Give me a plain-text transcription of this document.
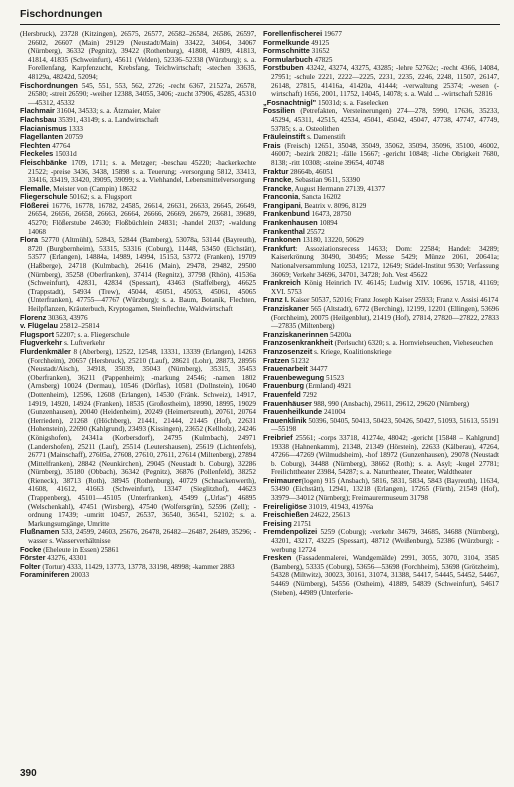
Fischordnungen

(Hersbruck), 23728 (Kitzingen), 26575, 26577, 26582–26584, 26586, 26597, 26602, 26607 (Main) 29129 (Neustadt/Main) 33422, 34064, 34067 (Nürnberg), 36332 (Pegnitz), 39422 (Rothenburg), 41808, 41809, 41813, 41814, 41835 (Schweinfurt), 45611 (Velden), 52336–52338 (Würzburg); s. a. Forellenfang, Karpfenzucht, Krebsfang, Teichwirtschaft; -stechen 33635, 48129a, 48242d, 52094;

Fischordnungen 545, 551, 553, 562, 2726; -recht 6367, 21527a, 26578, 26580; -streit 26590; -weiher 12388, 34055, 3406; -zucht 37906, 45285, 45310—45312, 45332

Flachmair 31604, 34533; s. a. Ätzmaier, Maier

Flachsbau 35391, 43149; s. a. Landwirtschaft

Flacianismus 1333

Flagellanten 20759

Flechten 47764

Fleckeles 15031d

Fleischbänke 1709, 1711; s. a. Metzger; -beschau 45220; -hackerkechte 21522; -preise 3436, 3438, 15898 s. a. Teuerung; -versorgung 5812, 33413, 33416, 33419, 33420, 39095, 39099; s. a. Viehhandel, Lebensmittelversorgung

Flemalle, Meister von (Campin) 18632

Fliegerschule 50162; s. a. Flugsport

Flößerei 16776, 16778, 16782, 24585, 26614, 26631, 26633, 26645, 26649, 26654, 26656, 26658, 26663, 26664, 26666, 26669, 26679, 26681, 39689, 45270; Flößerstube 24630; Floßbüchlein 24831; -handel 2037; -waldung 14068

Flora 52770 (Altmühl), 52843, 52844 (Bamberg), 53078a, 53144 (Bayreuth), 8720 (Burgbernheim), 53315, 53316 (Coburg), 11448, 53450 (Eichstätt), 53577 (Erlangen), 14884a, 14989, 14994, 15153, 53772 (Franken), 19709 (Haßberge), 24718 (Kulmbach), 26416 (Main), 29478, 29482, 29500 (Nürnberg), 35258 (Oberfranken), 37414 (Regnitz), 37798 (Rhön), 41536a (Schweinfurt), 42831, 42834 (Spessart), 43463 (Staffelberg), 46625 (Trappstadt), 54934 (Trew), 45044, 45051, 45053, 45061, 45065 (Unterfranken), 47755—47767 (Würzburg); s. a. Baum, Botanik, Flechten, Heilpflanzen, Kräuterbuch, Kryptogamen, Steinflechte, Waldwirtschaft

Florenz 30363, 43976

v. Flügelau 25812–25814

Flugsport 52207; s. a. Fliegerschule

Flugverkehr s. Luftverkehr

Flurdenkmäler 8 (Aberberg), 12522, 12548, 13331, 13339 (Erlangen), 14263 (Forchheim), 20657 (Hersbruck), 25210 (Lauf), 28621 (Lohr), 28873, 28956 (Neustadt/Aisch), 34918, 35039, 35043 (Nürnberg), 35315, 35453 (Oberfranken), 36211 (Pappenheim); -markung 24546; -namen 1802 (Arnsberg) 10024 (Dermau), 10546 (Dörflas), 10581 (Dollnstein), 10640 (Dottenheim), 12596, 12608 (Erlangen), 14530 (Fränk. Schweiz), 14917, 14919, 14920, 14924 (Franken), 18535 (Großostheim), 18990, 18995, 19029 (Gunzenhausen), 20040 (Heidenheim), 20249 (Heimertsreuth), 20761, 20764 (Herrieden), 21268 ((Höchberg), 21441, 21444, 21445 (Hof), 22631 (Hohenstein), 22690 (Kahlgrund), 23493 (Kissingen), 23652 (Kellholz), 24246 (Königshofen), 24341a (Korbersdorf), 24795 (Kulmbach), 24971 (Landershofen), 25211 (Lauf), 25514 (Leutershausen), 25619 (Lichtenfels), 26771 (Mainschaff), 27605a, 27608, 27610, 27611, 27614 (Miltenberg), 27894 (Mittelfranken), 28842 (Neunkirchen), 29045 (Neustadt b. Coburg), 32286 (Nürnberg), 35180 (Obbach), 36342 (Pegnitz), 36876 (Pollenfeld), 38252 (Rieneck), 38713 (Roth), 38945 (Rothenburg), 40729 (Schnackenwerth), 41608, 41612, 41663 (Schweinfurt), 13347 (Sieglitzhof), 44623 (Trappenberg), 45101—45105 (Unterfranken), 45499 („Urlas") 46895 (Welschenkahl), 47451 (Wirsberg), 47540 (Wolfersgrün), 52596 (Zell); -ordnung 17439; -umritt 10457, 26537, 36540, 36541, 52102; s. a. Markungsumgänge, Umritte

Flußnamen 533, 24599, 24603, 25676, 26478, 26482—26487, 26489, 35296; -wasser s. Wasserverhältnisse

Focke (Eheleute in Essen) 25861

Förster 43276, 43301

Folter (Tortur) 4333, 11429, 13773, 13778, 33198, 48998; -kammer 2883

Foraminiferen 20033

Forellenfischerei 19677

Formelkunde 49125

Formschnitte 31652

Formularbuch 47825

Forstbuben 43242, 43274, 43275, 43285; -lehre 52762c; -recht 4366, 14084, 27951; -schule 2221, 2222—2225, 2231, 2235, 2246, 2248, 11507, 26147, 26148, 27815, 41416a, 41420a, 41444; -verwaltung 25374; -wesen (-wirtschaft) 1656, 2001, 11752, 14045, 14078; s. a. Wald ... -wirtschaft 52816

„Fosnachtnigl" 15031d; s. a. Faselecken

Fossilien (Petrefakten, Versteinerungen) 274—278, 5990, 17636, 35233, 45294, 45311, 42515, 42534, 45041, 45042, 45047, 47738, 47747, 47749, 53785; s. a. Osteolithen

Fräuleinstift s. Damenstift

Frais (Freisch) 12651, 35048, 35049, 35062, 35094, 35096, 35100, 46002, 46007; -bezirk 20821; -fälle 15667; -gericht 10848; -liche Obrigkeit 7680, 8138; -ritt 10308; -steine 39654, 40748

Fraktur 28664b, 46051

Francke, Sebastian 9611, 53390

Francke, August Hermann 27139, 41377

Franconia, Sancta 16202

Frangipani, Beatrix v. 8096, 8129

Frankenbund 16473, 28750

Frankenhausen 10894

Frankenthal 25572

Frankonen 13180, 13220, 50629

Frankfurt: Assoziationsrecess 14633; Dom: 22584; Handel: 34289; Kaiserkrönung 30490, 30495; Messe 5429; Münze 2061, 20641a; Nationalversammlung 10253, 12172, 12649; Städel-Institut 9530; Verfassung 36069; Verkehr 34696, 34701, 34728; Joh. Vest 45622

Frankreich König Heinrich IV. 46145; Ludwig XIV. 10696, 15718, 41169; XVI. 5753

Franz I. Kaiser 50537, 52016; Franz Joseph Kaiser 25933; Franz v. Assisi 46174

Franziskaner 565 (Altstadt), 6772 (Berching), 12199, 12201 (Ellingen), 53696 (Forchheim), 20075 (Heilgenblut), 21419 (Hof), 27814, 27820—27822, 27833—27835 (Miltenberg)

Franziskanerinnen 54200a

Franzosenkrankheit (Perlsucht) 6320; s. a. Hornviehseuchen, Vieheseuchen

Franzosenzeit s. Kriege, Koalitionskriege

Fratzen 51232

Frauenarbeit 34477

Frauenbewegung 51523

Frauenburg (Ermland) 4921

Frauenfeld 7292

Frauenhäuser 988, 990 (Ansbach), 29611, 29612, 29620 (Nürnberg)

Frauenheilkunde 241004

Frauenklinik 50396, 50405, 50413, 50423, 50426, 50427, 51093, 51613, 55191—55198

Freibrief 25561; -corps 33718, 41274e, 48042; -gericht [15848 – Kahlgrund] 19338 (Hahnenkamm), 21348, 21349 (Hörstein), 22633 (Kälberau), 47264, 47266—47269 (Wilmudsheim), -hof 18972 (Gunzenhausen), 29078 (Neustadt b. Coburg), 34488 (Nürnberg), 38662 (Roth); s. a. Asyl; -kugel 27781; Freilichttheater 23984, 54287; s. a. Naturtheater, Theater, Waldtheater

Freimaurer(logen) 915 (Ansbach), 5816, 5831, 5834, 5843 (Bayreuth), 11634, 53490 (Eichstätt), 12941, 13218 (Erlangen), 17265 (Fürth), 21549 (Hof), 33979—34012 (Nürnberg); Freimaurermuseum 31798

Freireligiöse 31019, 41943, 41976a

Freischießen 24622, 25613

Freising 21751

Fremdenpolizei 5259 (Coburg); -verkehr 34679, 34685, 34688 (Nürnberg), 43201, 43217, 43225 (Spessart), 48712 (Weißenburg), 52386 (Würzburg); -werbung 12724

Fresken (Fassadenmalerei, Wandgemälde) 2991, 3055, 3070, 3104, 3585 (Bamberg), 53335 (Coburg), 53656—53698 (Forchheim), 53698 (Grötzheim), 54328 (Miltwitz), 30023, 30161, 31074, 31388, 54417, 54445, 54452, 54467, 54469 (Nürnberg), 54556 (Ostheim), 41889, 54839 (Schweinfurt), 54617 (Steben), 44989 (Unterferie-

390
